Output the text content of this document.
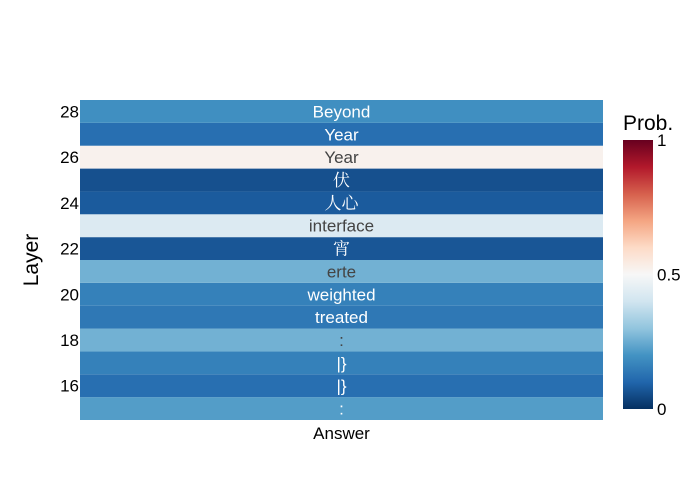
:
|}
|}
:
treated
weighted
erte
宵
interface
人心
伏
Year
Year
Beyond
16
18
20
22
24
26
28
Layer
Answer
Prob.
0
0.5
1
